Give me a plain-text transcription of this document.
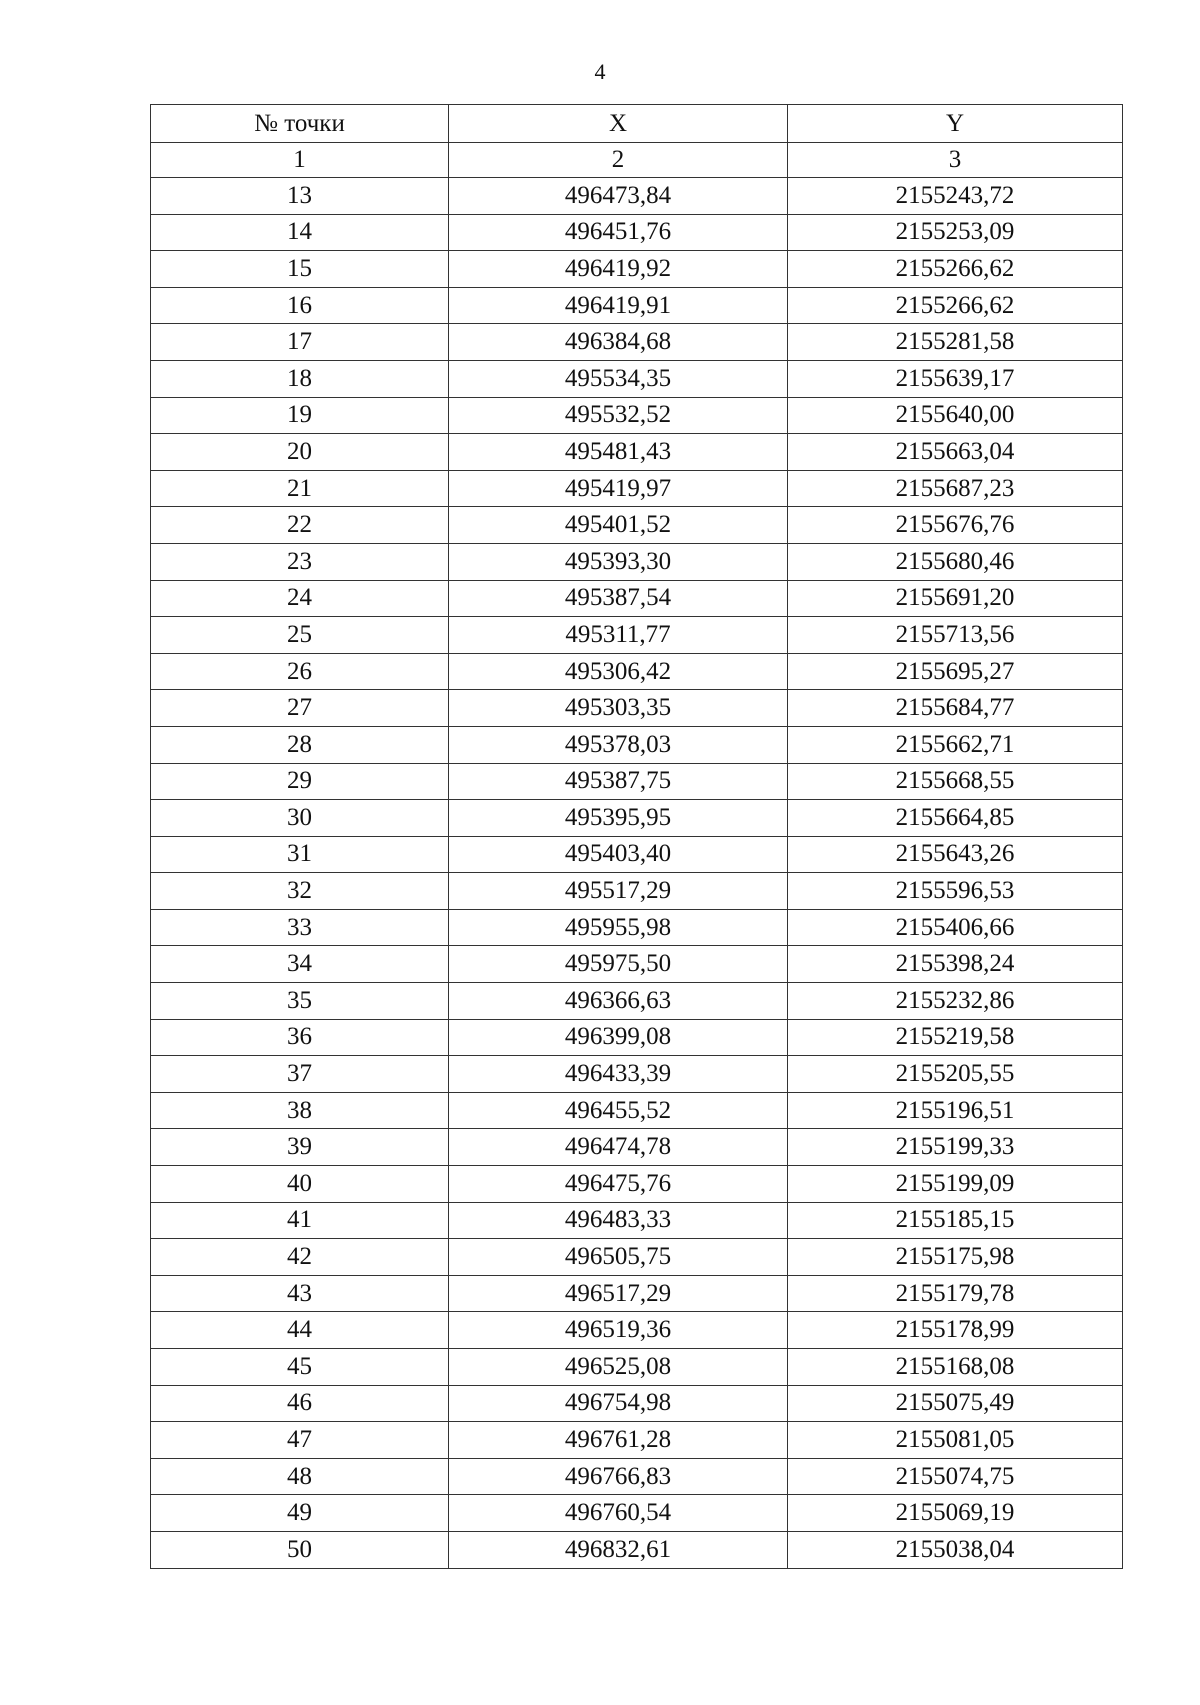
4
№ точки	X	Y
1	2	3
13	496473,84	2155243,72
14	496451,76	2155253,09
15	496419,92	2155266,62
16	496419,91	2155266,62
17	496384,68	2155281,58
18	495534,35	2155639,17
19	495532,52	2155640,00
20	495481,43	2155663,04
21	495419,97	2155687,23
22	495401,52	2155676,76
23	495393,30	2155680,46
24	495387,54	2155691,20
25	495311,77	2155713,56
26	495306,42	2155695,27
27	495303,35	2155684,77
28	495378,03	2155662,71
29	495387,75	2155668,55
30	495395,95	2155664,85
31	495403,40	2155643,26
32	495517,29	2155596,53
33	495955,98	2155406,66
34	495975,50	2155398,24
35	496366,63	2155232,86
36	496399,08	2155219,58
37	496433,39	2155205,55
38	496455,52	2155196,51
39	496474,78	2155199,33
40	496475,76	2155199,09
41	496483,33	2155185,15
42	496505,75	2155175,98
43	496517,29	2155179,78
44	496519,36	2155178,99
45	496525,08	2155168,08
46	496754,98	2155075,49
47	496761,28	2155081,05
48	496766,83	2155074,75
49	496760,54	2155069,19
50	496832,61	2155038,04
